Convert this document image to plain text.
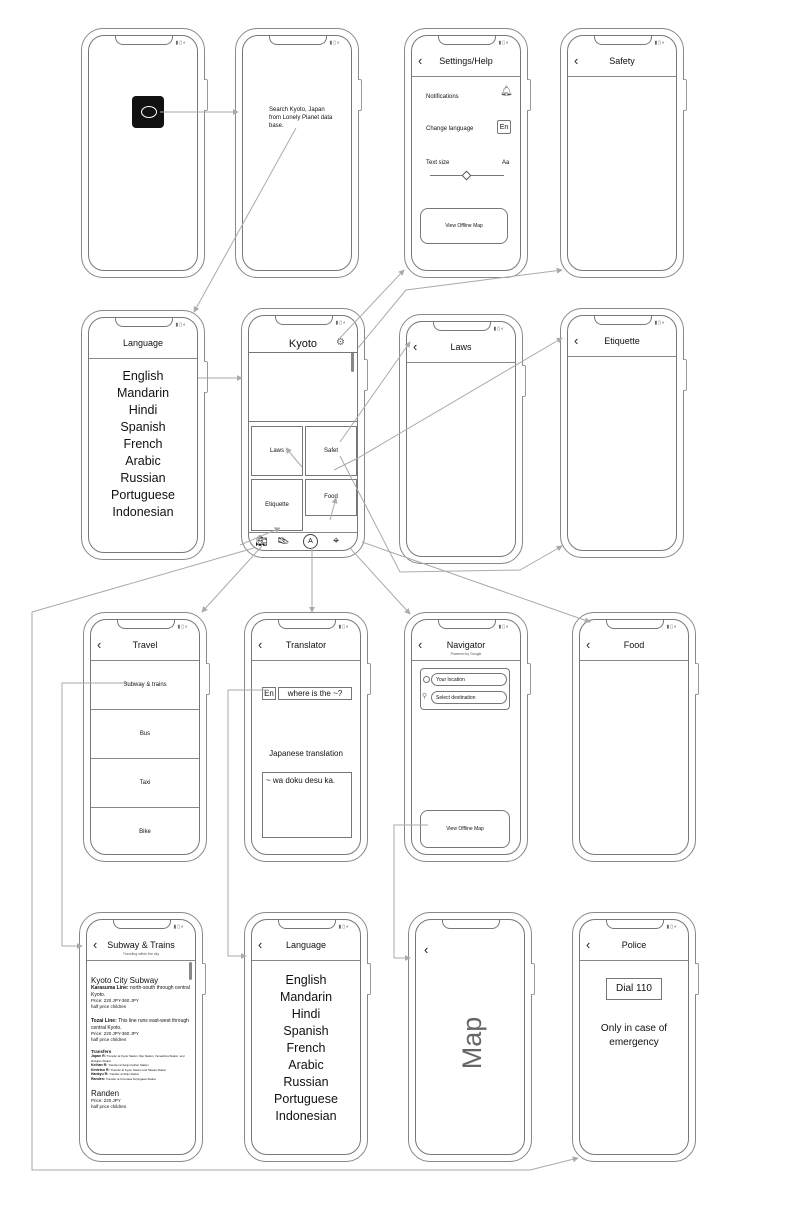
▮▯◐	▮▯◐
Search Kyoto, Japan from Lonely Planet data base.
▮▯◐
‹	Settings/Help
Notifications	🔔︎
Change language	En
Text size	Aa
View Offline Map
▮▯◐
‹	Safety
▮▯◐
Language
English
Mandarin
Hindi
Spanish
French
Arabic
Russian
Portuguese
Indonesian
▮▯◐
Kyoto	⚙
Laws	Safet
Etiquette
Food
🚉︎ 👟︎	A	⌖
▮▯◐
‹	Laws
▮▯◐
‹	Etiquette
▮▯◐
‹	Travel
Subway & trains
Bus
Taxi
Bike
▮▯◐
‹	Translator
En	where is the ~?
Japanese translation
~ wa doku desu ka.
▮▯◐
‹	Navigator
Powered by Google
Your location
Select destination
⚲
View Offline Map
▮▯◐
‹	Food
▮▯◐
‹	Subway & Trains
Traveling within the city
Kyoto City Subway
Karasuma Line: north-south through central Kyoto.
Price: 220 JPY-360 JPY
half price children
Tozai Line: This line runs east-west through central Kyoto.
Price: 220 JPY-360 JPY
half price children
Transfers
Japan R: Transfer at Kyoto Station, Nijo Station, Yamashina Station, and Rokujizo Station
Keihan R: Transfer at Sanjo Keihan Station
Kintetsu R: Transfer at Kyoto Station and Takeda Station
Hankyu R: Transfer at Shijo Station
Randen: Transfer at Uzumasa Tenjingawa Station
Randen
Price: 220 JPY
half price children
▮▯◐
‹	Language
English
Mandarin
Hindi
Spanish
French
Arabic
Russian
Portuguese
Indonesian
‹
Map
▮▯◐
‹	Police
Dial 110
Only in case of emergency
